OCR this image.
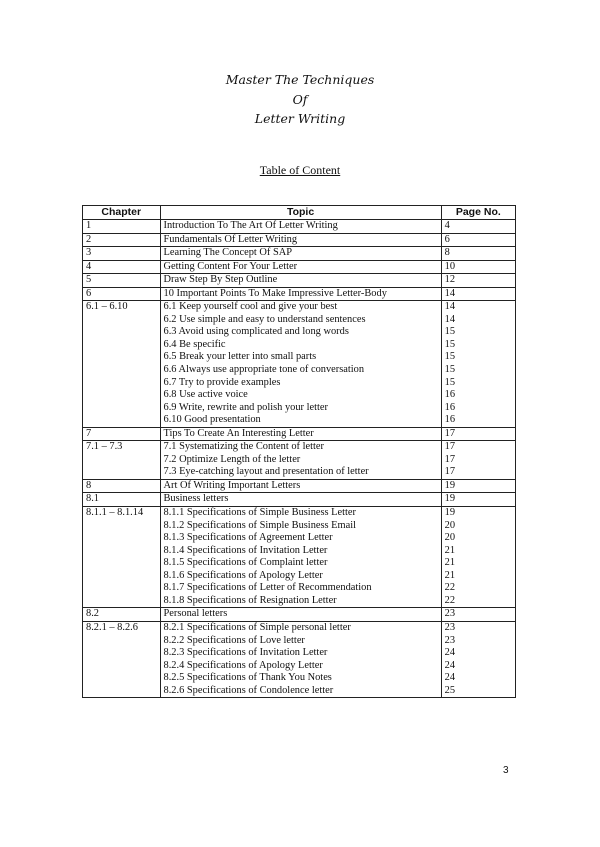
Master The Techniques
Of
Letter Writing
Table of Content
Chapter	Topic	Page No.
1	Introduction To The Art Of Letter Writing	4
2	Fundamentals Of Letter Writing	6
3	Learning The Concept Of SAP	8
4	Getting Content For Your Letter	10
5	Draw Step By Step Outline	12
6	10 Important Points To Make Impressive Letter-Body	14
6.1 – 6.10	6.1 Keep yourself cool and give your best	14
	6.2 Use simple and easy to understand sentences	14
	6.3 Avoid using complicated and long words	15
	6.4 Be specific	15
	6.5 Break your letter into small parts	15
	6.6 Always use appropriate tone of conversation	15
	6.7 Try to provide examples	15
	6.8 Use active voice	16
	6.9 Write, rewrite and polish your letter	16
	6.10 Good presentation	16
7	Tips To Create An Interesting Letter	17
7.1 – 7.3	7.1 Systematizing the Content of letter	17
	7.2 Optimize Length of the letter	17
	7.3 Eye-catching layout and presentation of letter	17
8	Art Of Writing Important Letters	19
8.1	Business letters	19
8.1.1 – 8.1.14	8.1.1 Specifications of Simple Business Letter	19
	8.1.2 Specifications of Simple Business Email	20
	8.1.3 Specifications of Agreement Letter	20
	8.1.4 Specifications of Invitation Letter	21
	8.1.5 Specifications of Complaint letter	21
	8.1.6 Specifications of Apology Letter	21
	8.1.7 Specifications of Letter of Recommendation	22
	8.1.8 Specifications of Resignation Letter	22
8.2	Personal letters	23
8.2.1 – 8.2.6	8.2.1 Specifications of Simple personal letter	23
	8.2.2 Specifications of Love letter	23
	8.2.3 Specifications of Invitation Letter	24
	8.2.4 Specifications of Apology Letter	24
	8.2.5 Specifications of Thank You Notes	24
	8.2.6 Specifications of Condolence letter	25
3
